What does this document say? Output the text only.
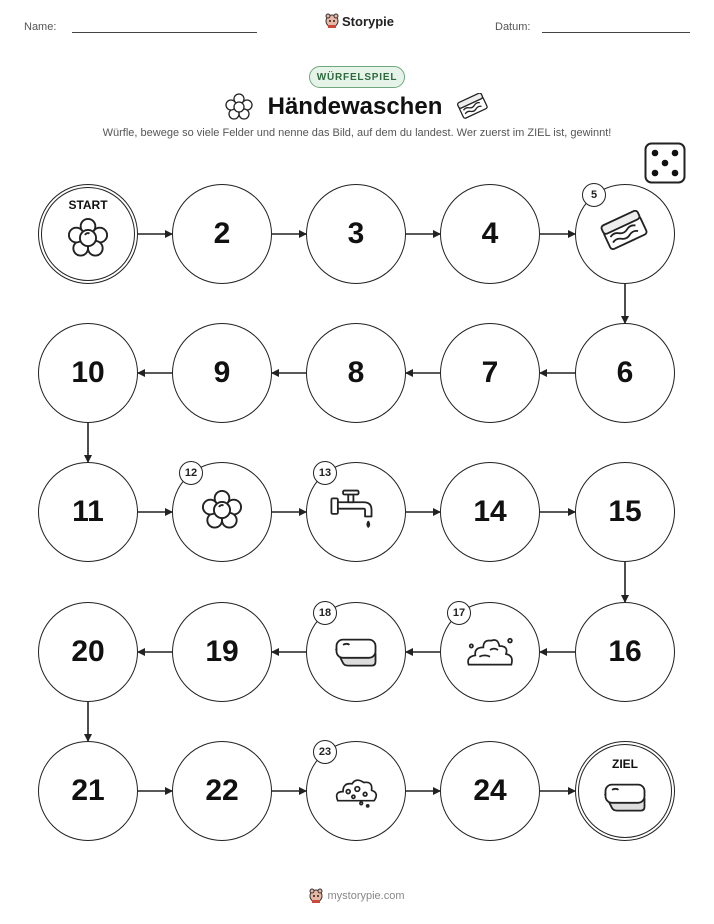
Name:	Storypie	Datum:
WÜRFELSPIEL
Händewaschen
Würfle, bewege so viele Felder und nenne das Bild, auf dem du landest. Wer zuerst im ZIEL ist, gewinnt!
START
2	3	4
5
6
7
8
9
10
11
12	13
14	15
16
17
18
19
20
21	22
23
24
ZIEL
mystorypie.com
